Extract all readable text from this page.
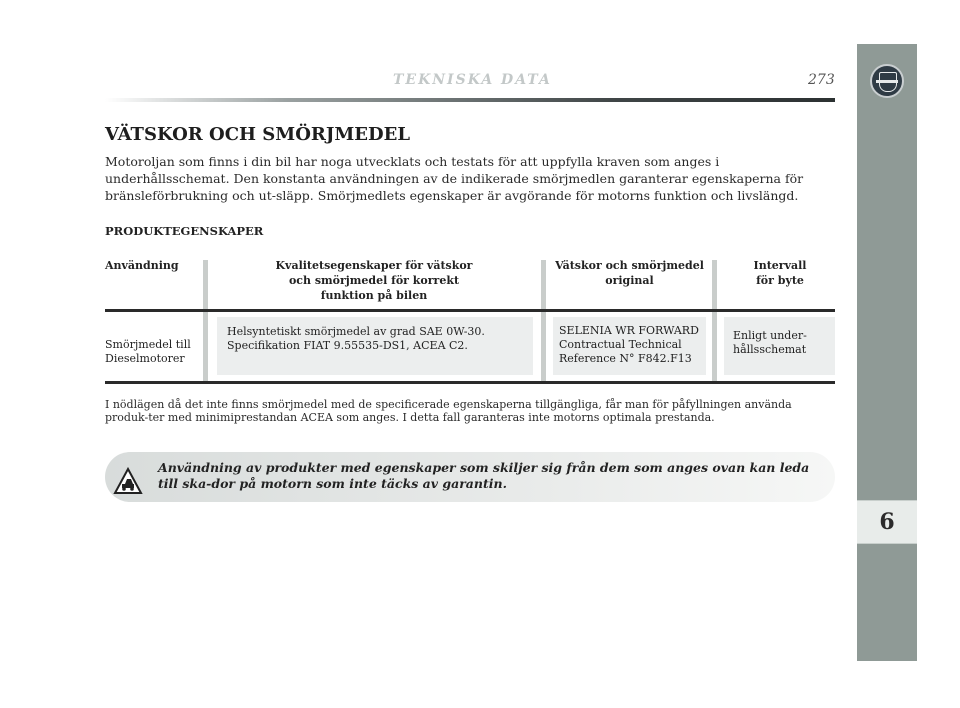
6
TEKNISKA DATA	273
VÄTSKOR OCH SMÖRJMEDEL

Motoroljan som finns i din bil har noga utvecklats och testats för att uppfylla kraven som anges i underhållsschemat. Den konstanta användningen av de indikerade smörjmedlen garanterar egenskaperna för bränsleförbrukning och ut-släpp. Smörjmedlets egenskaper är avgörande för motorns funktion och livslängd.

PRODUKTEGENSKAPER
Användning	Kvalitetsegenskaper för vätskor
och smörjmedel för korrekt
funktion på bilen
Vätskor och smörjmedel
original
Intervall
för byte
Smörjmedel till
Dieselmotorer
Helsyntetiskt smörjmedel av grad SAE 0W-30.
Specifikation FIAT 9.55535-DS1, ACEA C2.
SELENIA WR FORWARD
Contractual Technical
Reference N° F842.F13
Enligt under-
hållsschemat

I nödlägen då det inte finns smörjmedel med de specificerade egenskaperna tillgängliga, får man för påfyllningen använda produk-ter med minimiprestandan ACEA som anges. I detta fall garanteras inte motorns optimala prestanda.

Användning av produkter med egenskaper som skiljer sig från dem som anges ovan kan leda till ska-dor på motorn som inte täcks av garantin.
